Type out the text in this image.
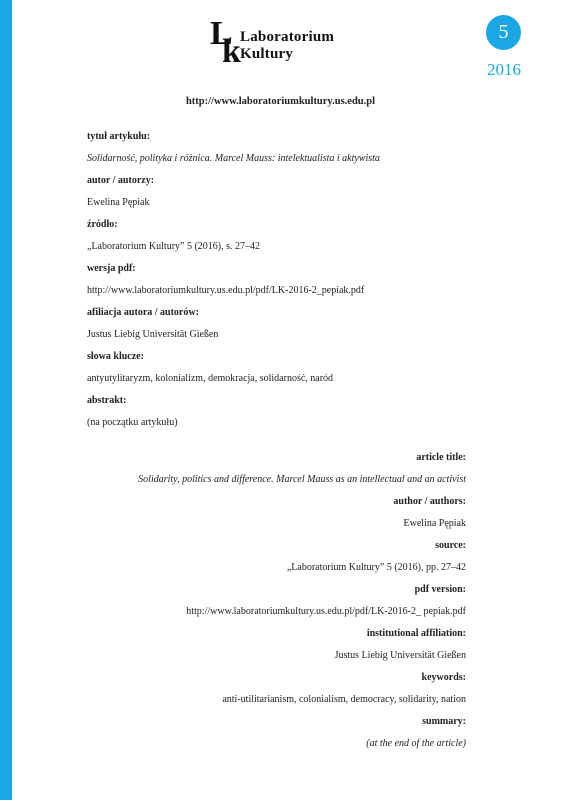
L
k Laboratorium
Kultury
5
2016
http://www.laboratoriumkultury.us.edu.pl
tytuł artykułu:
Solidarność, polityka i różnica. Marcel Mauss: intelektualista i aktywista
autor / autorzy:
Ewelina Pępiak
źródło:
„Laboratorium Kultury” 5 (2016), s. 27–42
wersja pdf:
http://www.laboratoriumkultury.us.edu.pl/pdf/LK-2016-2_pepiak.pdf
afiliacja autora / autorów:
Justus Liebig Universität Gießen
słowa klucze:
antyutylitaryzm, kolonializm, demokracja, solidarność, naród
abstrakt:
(na początku artykułu)
article title:
Solidarity, politics and difference. Marcel Mauss as an intellectual and an activist
author / authors:
Ewelina Pępiak
source:
„Laboratorium Kultury” 5 (2016), pp. 27–42
pdf version:
http://www.laboratoriumkultury.us.edu.pl/pdf/LK-2016-2_ pepiak.pdf
institutional affiliation:
Justus Liebig Universität Gießen
keywords:
anti-utilitarianism, colonialism, democracy, solidarity, nation
summary:
(at the end of the article)
